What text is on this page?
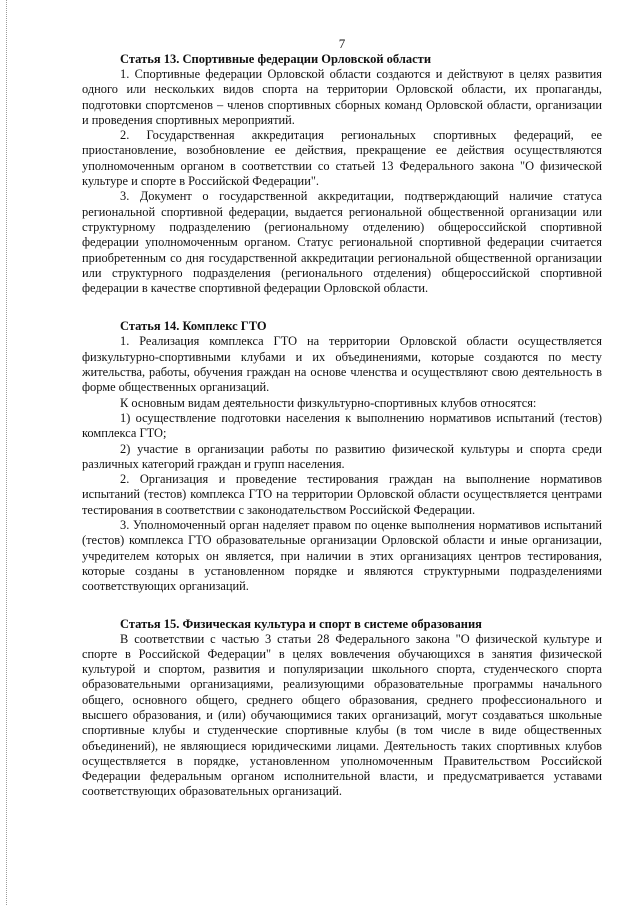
7
Статья 13. Спортивные федерации Орловской области

1. Спортивные федерации Орловской области создаются и действуют в целях развития одного или нескольких видов спорта на территории Орловской области, их пропаганды, подготовки спортсменов – членов спортивных сборных команд Орловской области, организации и проведения спортивных мероприятий.

2. Государственная аккредитация региональных спортивных федераций, ее приостановление, возобновление ее действия, прекращение ее действия осуществляются уполномоченным органом в соответствии со статьей 13 Федерального закона "О физической культуре и спорте в Российской Федерации".

3. Документ о государственной аккредитации, подтверждающий наличие статуса региональной спортивной федерации, выдается региональной общественной организации или структурному подразделению (региональному отделению) общероссийской спортивной федерации уполномоченным органом. Статус региональной спортивной федерации считается приобретенным со дня государственной аккредитации региональной общественной организации или структурного подразделения (регионального отделения) общероссийской спортивной федерации в качестве спортивной федерации Орловской области.

Статья 14. Комплекс ГТО

1. Реализация комплекса ГТО на территории Орловской области осуществляется физкультурно-спортивными клубами и их объединениями, которые создаются по месту жительства, работы, обучения граждан на основе членства и осуществляют свою деятельность в форме общественных организаций.

К основным видам деятельности физкультурно-спортивных клубов относятся:

1) осуществление подготовки населения к выполнению нормативов испытаний (тестов) комплекса ГТО;

2) участие в организации работы по развитию физической культуры и спорта среди различных категорий граждан и групп населения.

2. Организация и проведение тестирования граждан на выполнение нормативов испытаний (тестов) комплекса ГТО на территории Орловской области осуществляется центрами тестирования в соответствии с законодательством Российской Федерации.

3. Уполномоченный орган наделяет правом по оценке выполнения нормативов испытаний (тестов) комплекса ГТО образовательные организации Орловской области и иные организации, учредителем которых он является, при наличии в этих организациях центров тестирования, которые созданы в установленном порядке и являются структурными подразделениями соответствующих организаций.

Статья 15. Физическая культура и спорт в системе образования

В соответствии с частью 3 статьи 28 Федерального закона "О физической культуре и спорте в Российской Федерации" в целях вовлечения обучающихся в занятия физической культурой и спортом, развития и популяризации школьного спорта, студенческого спорта образовательными организациями, реализующими образовательные программы начального общего, основного общего, среднего общего образования, среднего профессионального и высшего образования, и (или) обучающимися таких организаций, могут создаваться школьные спортивные клубы и студенческие спортивные клубы (в том числе в виде общественных объединений), не являющиеся юридическими лицами. Деятельность таких спортивных клубов осуществляется в порядке, установленном уполномоченным Правительством Российской Федерации федеральным органом исполнительной власти, и предусматривается уставами соответствующих образовательных организаций.
